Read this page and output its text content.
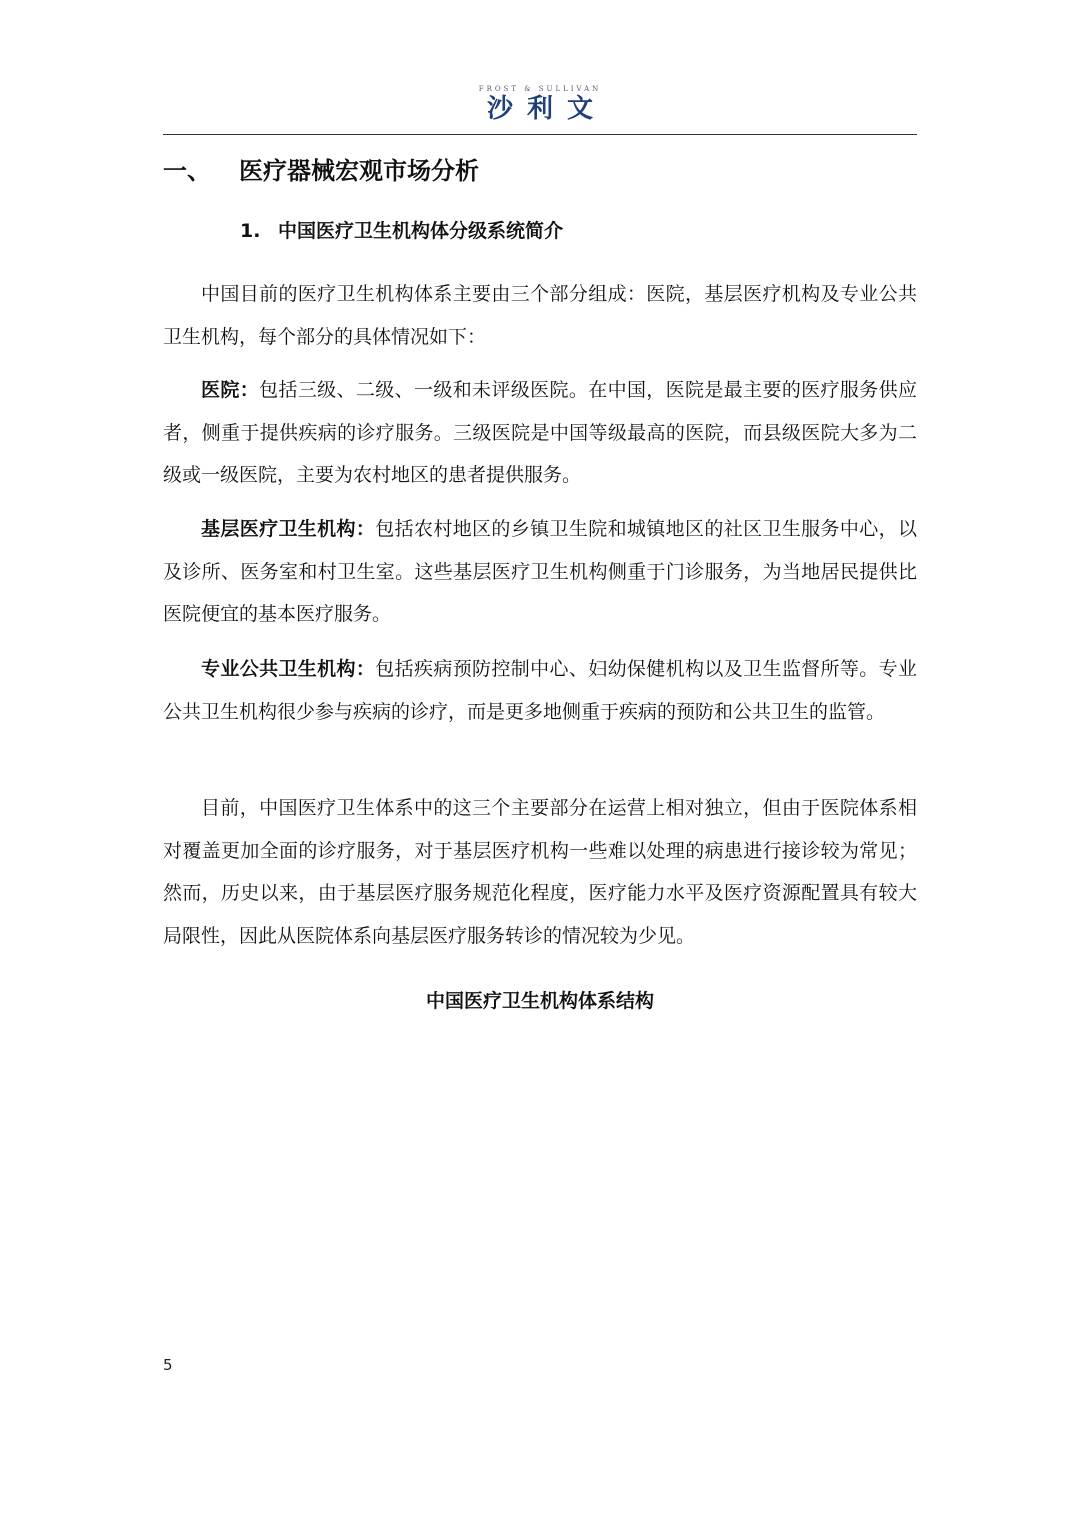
FROST & SULLIVAN
沙利文
一、 医疗器械宏观市场分析
1. 中国医疗卫生机构体分级系统简介

中国目前的医疗卫生机构体系主要由三个部分组成：医院，基层医疗机构及专业公共卫生机构，每个部分的具体情况如下：

医院：包括三级、二级、一级和未评级医院。在中国，医院是最主要的医疗服务供应者，侧重于提供疾病的诊疗服务。三级医院是中国等级最高的医院，而县级医院大多为二级或一级医院，主要为农村地区的患者提供服务。

基层医疗卫生机构：包括农村地区的乡镇卫生院和城镇地区的社区卫生服务中心，以及诊所、医务室和村卫生室。这些基层医疗卫生机构侧重于门诊服务，为当地居民提供比医院便宜的基本医疗服务。

专业公共卫生机构：包括疾病预防控制中心、妇幼保健机构以及卫生监督所等。专业公共卫生机构很少参与疾病的诊疗，而是更多地侧重于疾病的预防和公共卫生的监管。

目前，中国医疗卫生体系中的这三个主要部分在运营上相对独立，但由于医院体系相对覆盖更加全面的诊疗服务，对于基层医疗机构一些难以处理的病患进行接诊较为常见；然而，历史以来，由于基层医疗服务规范化程度，医疗能力水平及医疗资源配置具有较大局限性，因此从医院体系向基层医疗服务转诊的情况较为少见。

中国医疗卫生机构体系结构
5
